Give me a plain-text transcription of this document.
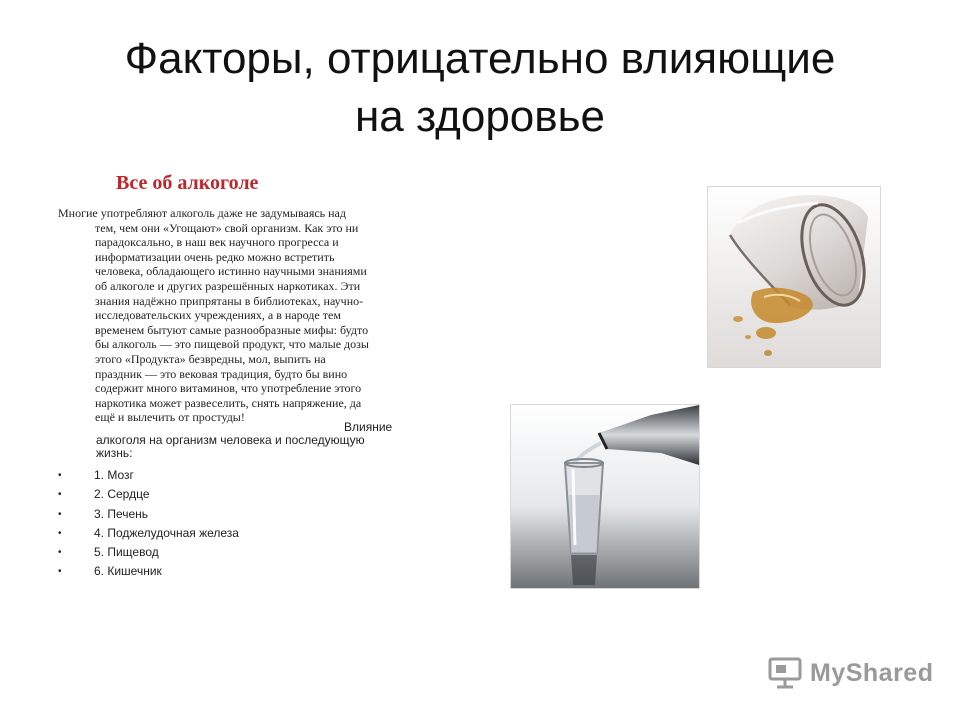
Факторы, отрицательно влияющие
на здоровье
Все об алкоголе
Многие употребляют алкоголь даже не задумываясь над
тем, чем они «Угощают» свой организм. Как это ни
парадоксально, в наш век научного прогресса и
информатизации очень редко можно встретить
человека, обладающего истинно научными знаниями
об алкоголе и других разрешённых наркотиках. Эти
знания надёжно припрятаны в библиотеках, научно-
исследовательских учреждениях, а в народе тем
временем бытуют самые разнообразные мифы: будто
бы алкоголь — это пищевой продукт, что малые дозы
этого «Продукта» безвредны, мол, выпить на
праздник — это вековая традиция, будто бы вино
содержит много витаминов, что употребление этого
наркотика может развеселить, снять напряжение, да
ещё и вылечить от простуды!
Влияние
алкоголя на организм человека и последующую
жизнь:
•	1. Мозг
•	2. Сердце
•	3. Печень
•	4. Поджелудочная железа
•	5. Пищевод
•	6. Кишечник
MyShared
